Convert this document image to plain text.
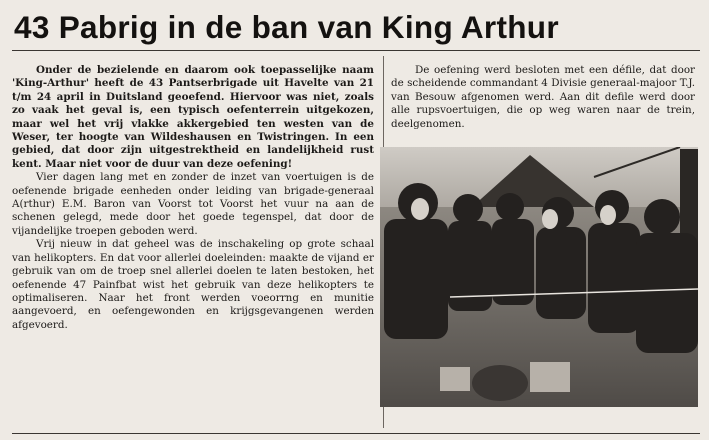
43 Pabrig in de ban van King Arthur

Onder de bezielende en daarom ook toepasselijke naam 'King-Arthur' heeft de 43 Pantserbrigade uit Havelte van 21 t/m 24 april in Duitsland geoefend. Hiervoor was niet, zoals zo vaak het geval is, een typisch oefenterrein uitgekozen, maar wel het vrij vlakke akkergebied ten westen van de Weser, ter hoogte van Wildeshausen en Twistringen. In een gebied, dat door zijn uitgestrektheid en landelijkheid rust kent. Maar niet voor de duur van deze oefening!

Vier dagen lang met en zonder de inzet van voertuigen is de oefenende brigade eenheden onder leiding van brigade-generaal A(rthur) E.M. Baron van Voorst tot Voorst het vuur na aan de schenen gelegd, mede door het goede tegenspel, dat door de vijandelijke troepen geboden werd.

Vrij nieuw in dat geheel was de inschakeling op grote schaal van helikopters. En dat voor allerlei doeleinden: maakte de vijand er gebruik van om de troep snel allerlei doelen te laten bestoken, het oefenende 47 Painfbat wist het gebruik van deze helikopters te optimaliseren. Naar het front werden voeorrng en munitie aangevoerd, en oefengewonden en krijgsgevangenen werden afgevoerd.

De oefening werd besloten met een défile, dat door de scheidende commandant 4 Divisie generaal-majoor T.J. van Besouw afgenomen werd. Aan dit defile werd door alle rupsvoertuigen, die op weg waren naar de trein, deelgenomen.
